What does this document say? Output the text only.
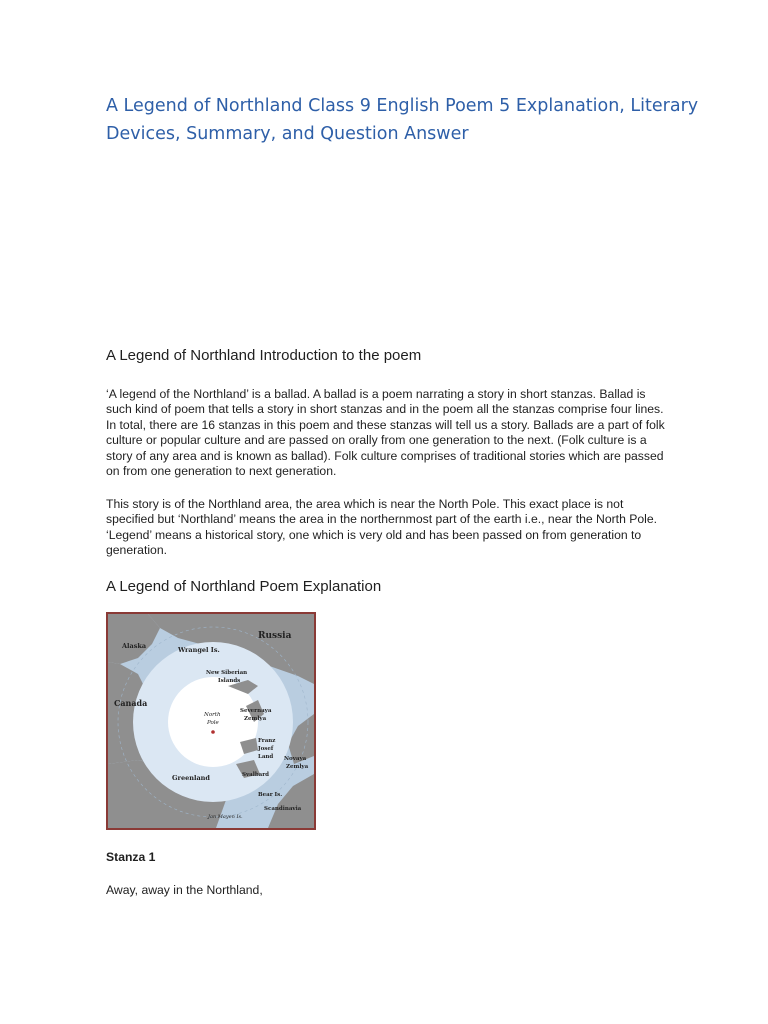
A Legend of Northland Class 9 English Poem 5 Explanation, Literary Devices, Summary, and Question Answer
A Legend of Northland Introduction to the poem

‘A legend of the Northland’ is a ballad. A ballad is a poem narrating a story in short stanzas. Ballad is such kind of poem that tells a story in short stanzas and in the poem all the stanzas comprise four lines. In total, there are 16 stanzas in this poem and these stanzas will tell us a story. Ballads are a part of folk culture or popular culture and are passed on orally from one generation to the next. (Folk culture is a story of any area and is known as ballad). Folk culture comprises of traditional stories which are passed on from one generation to next generation.

This story is of the Northland area, the area which is near the North Pole. This exact place is not specified but ‘Northland’ means the area in the northernmost part of the earth i.e., near the North Pole. ‘Legend’ means a historical story, one which is very old and has been passed on from generation to generation.

A Legend of Northland Poem Explanation
Russia
Alaska	Wrangel Is.
New Siberian
Islands
Canada
North
Pole
Severnaya
Zemlya
Franz
Josef
Land Novaya
Zemlya
Greenland	Svalbard
Bear Is.
Scandinavia
Jan Mayen Is.

Stanza 1

Away, away in the Northland,
